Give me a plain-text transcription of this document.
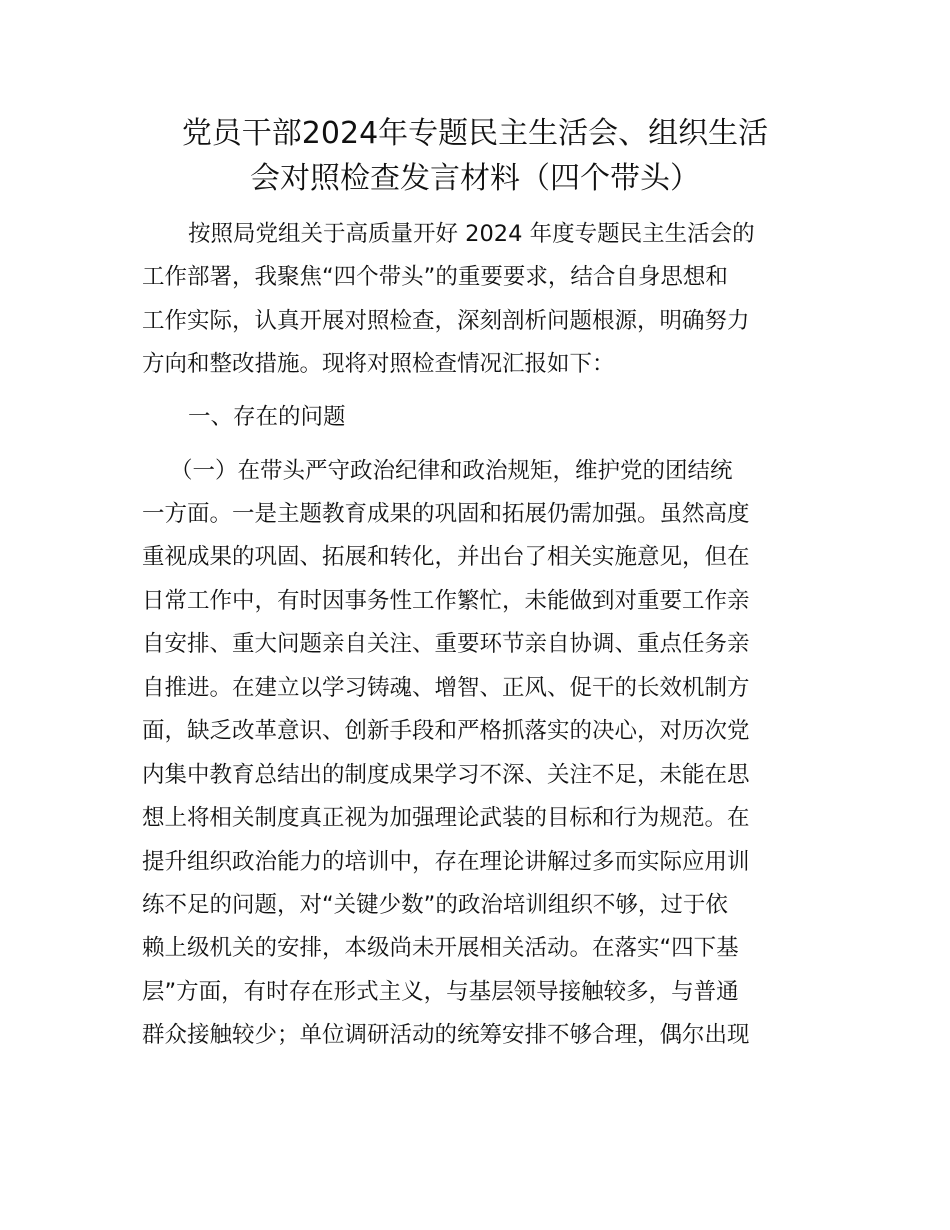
党员干部2024年专题民主生活会、组织生活
会对照检查发言材料（四个带头）
按照局党组关于高质量开好 2024 年度专题民主生活会的
工作部署，我聚焦“四个带头”的重要要求，结合自身思想和
工作实际，认真开展对照检查，深刻剖析问题根源，明确努力
方向和整改措施。现将对照检查情况汇报如下：
一、存在的问题
（一）在带头严守政治纪律和政治规矩，维护党的团结统
一方面。一是主题教育成果的巩固和拓展仍需加强。虽然高度
重视成果的巩固、拓展和转化，并出台了相关实施意见，但在
日常工作中，有时因事务性工作繁忙，未能做到对重要工作亲
自安排、重大问题亲自关注、重要环节亲自协调、重点任务亲
自推进。在建立以学习铸魂、增智、正风、促干的长效机制方
面，缺乏改革意识、创新手段和严格抓落实的决心，对历次党
内集中教育总结出的制度成果学习不深、关注不足，未能在思
想上将相关制度真正视为加强理论武装的目标和行为规范。在
提升组织政治能力的培训中，存在理论讲解过多而实际应用训
练不足的问题，对“关键少数”的政治培训组织不够，过于依
赖上级机关的安排，本级尚未开展相关活动。在落实“四下基
层”方面，有时存在形式主义，与基层领导接触较多，与普通
群众接触较少；单位调研活动的统筹安排不够合理，偶尔出现
